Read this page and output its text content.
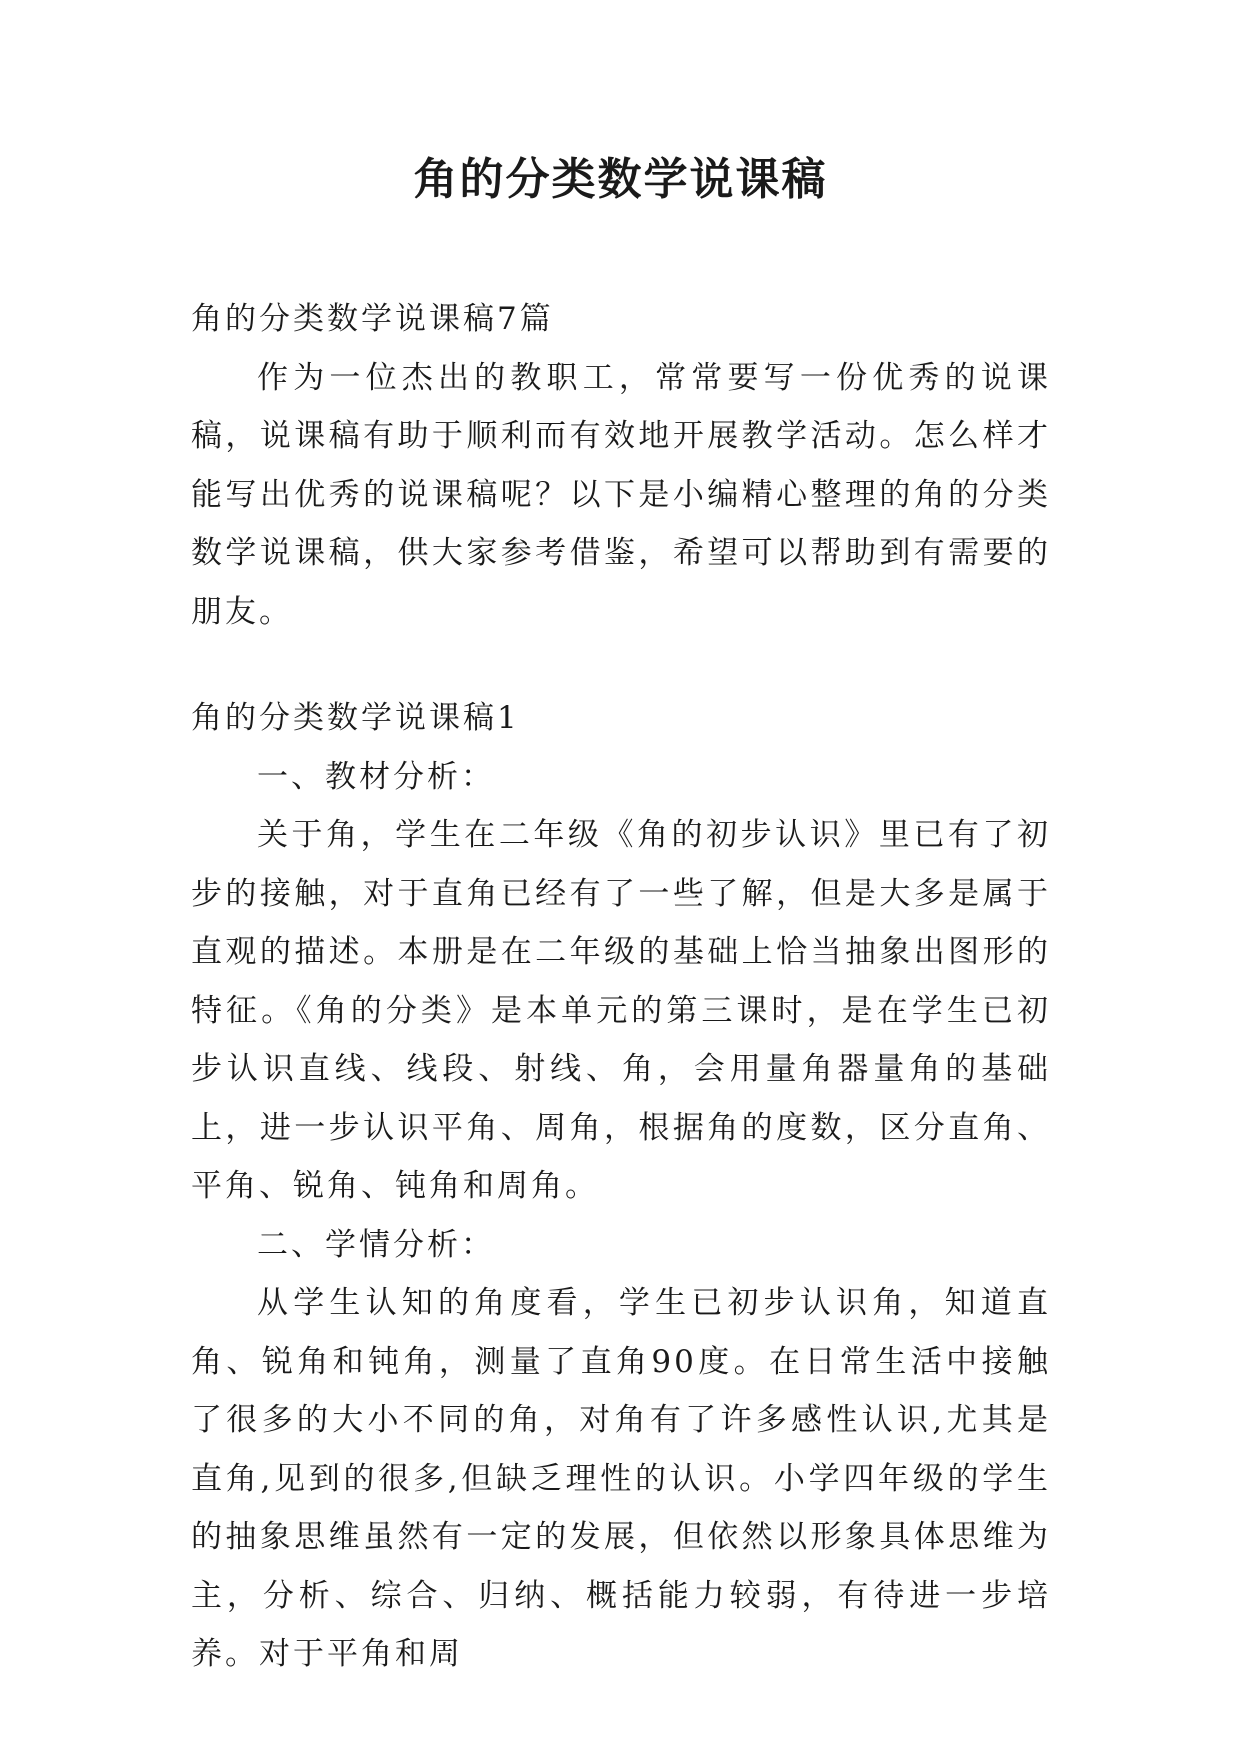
角的分类数学说课稿

角的分类数学说课稿7篇

作为一位杰出的教职工，常常要写一份优秀的说课稿，说课稿有助于顺利而有效地开展教学活动。怎么样才能写出优秀的说课稿呢？以下是小编精心整理的角的分类数学说课稿，供大家参考借鉴，希望可以帮助到有需要的朋友。

角的分类数学说课稿1

一、教材分析：

关于角，学生在二年级《角的初步认识》里已有了初步的接触，对于直角已经有了一些了解，但是大多是属于直观的描述。本册是在二年级的基础上恰当抽象出图形的特征。《角的分类》是本单元的第三课时，是在学生已初步认识直线、线段、射线、角，会用量角器量角的基础上，进一步认识平角、周角，根据角的度数，区分直角、平角、锐角、钝角和周角。

二、学情分析：

从学生认知的角度看，学生已初步认识角，知道直角、锐角和钝角，测量了直角90度。在日常生活中接触了很多的大小不同的角，对角有了许多感性认识,尤其是直角,见到的很多,但缺乏理性的认识。小学四年级的学生的抽象思维虽然有一定的发展，但依然以形象具体思维为主，分析、综合、归纳、概括能力较弱，有待进一步培养。对于平角和周
